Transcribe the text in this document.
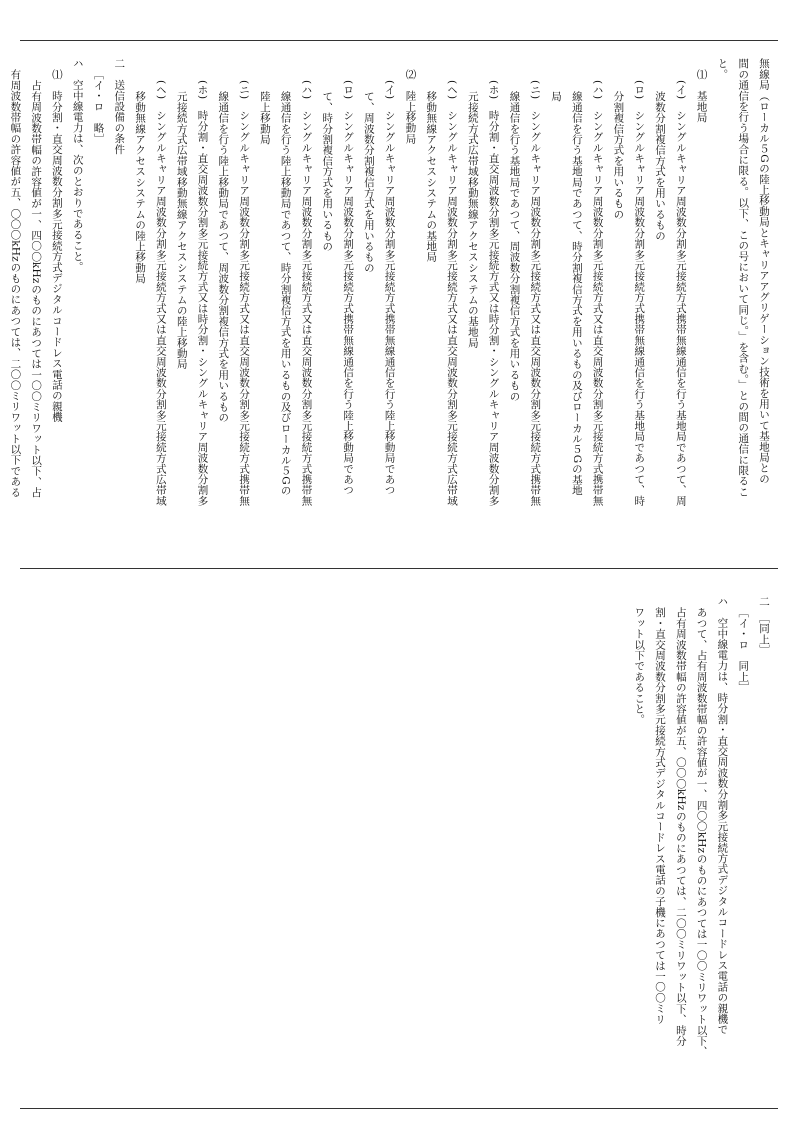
無線局（ローカル５Gの陸上移動局とキャリアアグリゲーション技術を用いて基地局との

間の通信を行う場合に限る。以下、この号において同じ。」を含む。」との間の通信に限るこ

と。

⑴　基地局

(イ)　シングルキャリア周波数分割多元接続方式携帯無線通信を行う基地局であつて、周

波数分割複信方式を用いるもの

(ロ)　シングルキャリア周波数分割多元接続方式携帯無線通信を行う基地局であつて、時

分割複信方式を用いるもの

(ハ)　シングルキャリア周波数分割多元接続方式又は直交周波数分割多元接続方式携帯無

線通信を行う基地局であつて、時分割複信方式を用いるもの及びローカル５Gの基地

局

(ニ)　シングルキャリア周波数分割多元接続方式又は直交周波数分割多元接続方式携帯無

線通信を行う基地局であつて、周波数分割複信方式を用いるもの

(ホ)　時分割・直交周波数分割多元接続方式又は時分割・シングルキャリア周波数分割多

元接続方式広帯域移動無線アクセスシステムの基地局

(ヘ)　シングルキャリア周波数分割多元接続方式又は直交周波数分割多元接続方式広帯域

移動無線アクセスシステムの基地局

⑵　陸上移動局

(イ)　シングルキャリア周波数分割多元接続方式携帯無線通信を行う陸上移動局であつ

て、周波数分割複信方式を用いるもの

(ロ)　シングルキャリア周波数分割多元接続方式携帯無線通信を行う陸上移動局であつ

て、時分割複信方式を用いるもの

(ハ)　シングルキャリア周波数分割多元接続方式又は直交周波数分割多元接続方式携帯無

線通信を行う陸上移動局であつて、時分割複信方式を用いるもの及びローカル５Gの

陸上移動局

(ニ)　シングルキャリア周波数分割多元接続方式又は直交周波数分割多元接続方式携帯無

線通信を行う陸上移動局であつて、周波数分割複信方式を用いるもの

(ホ)　時分割・直交周波数分割多元接続方式又は時分割・シングルキャリア周波数分割多

元接続方式広帯域移動無線アクセスシステムの陸上移動局

(ヘ)　シングルキャリア周波数分割多元接続方式又は直交周波数分割多元接続方式広帯域

移動無線アクセスシステムの陸上移動局

二　送信設備の条件

［イ・ロ　略］

ハ　空中線電力は、次のとおりであること。

⑴　時分割・直交周波数分割多元接続方式デジタルコードレス電話の親機

占有周波数帯幅の許容値が一、四〇〇kHzのものにあつては一〇〇ミリワット以下、占

有周波数帯幅の許容値が五、〇〇〇kHzのものにあつては、二〇〇ミリワット以下である

二　［同上］

［イ・ロ　同上］

ハ　空中線電力は、時分割・直交周波数分割多元接続方式デジタルコードレス電話の親機で

あつて、占有周波数帯幅の許容値が一、四〇〇kHzのものにあつては一〇〇ミリワット以下、

占有周波数帯幅の許容値が五、〇〇〇kHzのものにあつては、二〇〇ミリワット以下、時分

割・直交周波数分割多元接続方式デジタルコードレス電話の子機にあつては一〇〇ミリ

ワット以下であること。
